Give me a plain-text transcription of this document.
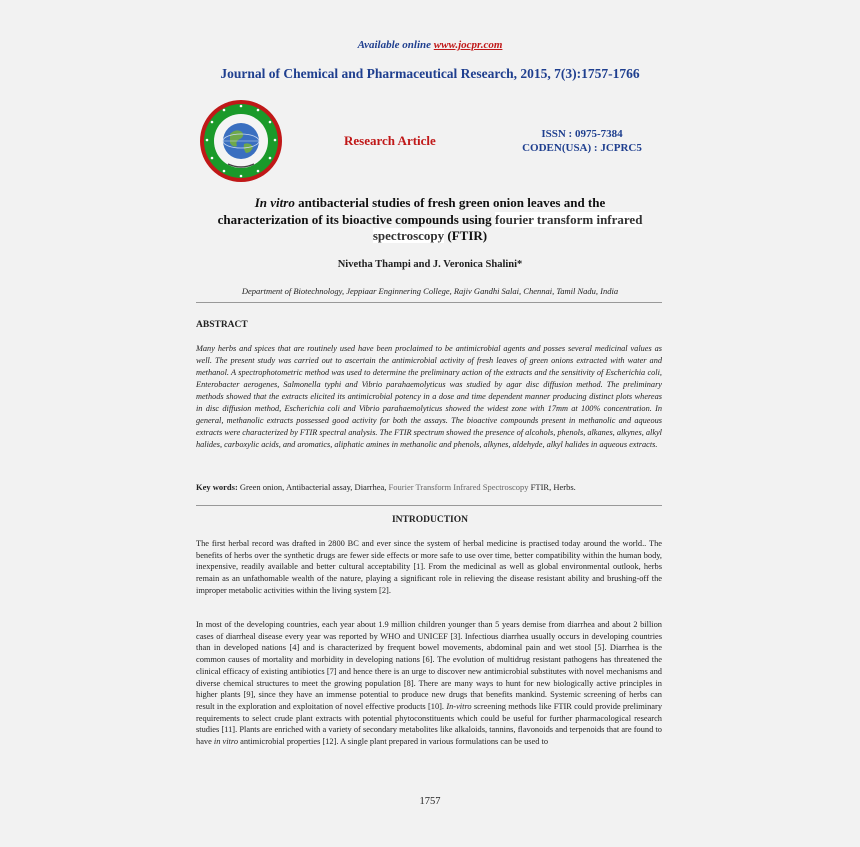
Available online www.jocpr.com
Journal of Chemical and Pharmaceutical Research, 2015, 7(3):1757-1766
Research Article	ISSN : 0975-7384
CODEN(USA) : JCPRC5
In vitro antibacterial studies of fresh green onion leaves and the
characterization of its bioactive compounds using fourier transform infrared
spectroscopy (FTIR)
Nivetha Thampi and J. Veronica Shalini*
Department of Biotechnology, Jeppiaar Enginnering College, Rajiv Gandhi Salai, Chennai, Tamil Nadu, India
ABSTRACT
Many herbs and spices that are routinely used have been proclaimed to be antimicrobial agents and posses several medicinal values as well. The present study was carried out to ascertain the antimicrobial activity of fresh leaves of green onions extracted with water and methanol. A spectrophotometric method was used to determine the preliminary action of the extracts and the sensitivity of Escherichia coli, Enterobacter aerogenes, Salmonella typhi and Vibrio parahaemolyticus was studied by agar disc diffusion method. The preliminary methods showed that the extracts elicited its antimicrobial potency in a dose and time dependent manner producing distinct plots whereas in disc diffusion method, Escherichia coli and Vibrio parahaemolyticus showed the widest zone with 17mm at 100% concentration. In general, methanolic extracts possessed good activity for both the assays. The bioactive compounds present in methanolic and aqueous extracts were characterized by FTIR spectral analysis. The FTIR spectrum showed the presence of alcohols, phenols, alkanes, alkynes, alkyl halides, carboxylic acids, and aromatics, aliphatic amines in methanolic and phenols, alkynes, aldehyde, alkyl halides in aqueous extracts.
Key words: Green onion, Antibacterial assay, Diarrhea, Fourier Transform Infrared Spectroscopy FTIR, Herbs.
INTRODUCTION
The first herbal record was drafted in 2800 BC and ever since the system of herbal medicine is practised today around the world.. The benefits of herbs over the synthetic drugs are fewer side effects or more safe to use over time, better compatibility within the human body, inexpensive, readily available and better cultural acceptability [1]. From the medicinal as well as global environmental outlook, herbs remain as an unfathomable wealth of the nature, playing a significant role in relieving the disease resistant ability and brushing-off the improper metabolic activities within the living system [2].
In most of the developing countries, each year about 1.9 million children younger than 5 years demise from diarrhea and about 2 billion cases of diarrheal disease every year was reported by WHO and UNICEF [3]. Infectious diarrhea usually occurs in developing countries than in developed nations [4] and is characterized by frequent bowel movements, abdominal pain and wet stool [5]. Diarrhea is the common causes of mortality and morbidity in developing nations [6]. The evolution of multidrug resistant pathogens has threatened the clinical efficacy of existing antibiotics [7] and hence there is an urge to discover new antimicrobial substitutes with novel mechanisms and diverse chemical structures to meet the growing population [8]. There are many ways to hunt for new biologically active principles in higher plants [9], since they have an immense potential to produce new drugs that benefits mankind. Systemic screening of herbs can result in the exploration and exploitation of novel effective products [10]. In-vitro screening methods like FTIR could provide preliminary requirements to select crude plant extracts with potential phytoconstituents which could be useful for further pharmacological research studies [11]. Plants are enriched with a variety of secondary metabolites like alkaloids, tannins, flavonoids and terpenoids that are found to have in vitro antimicrobial properties [12]. A single plant prepared in various formulations can be used to
1757
